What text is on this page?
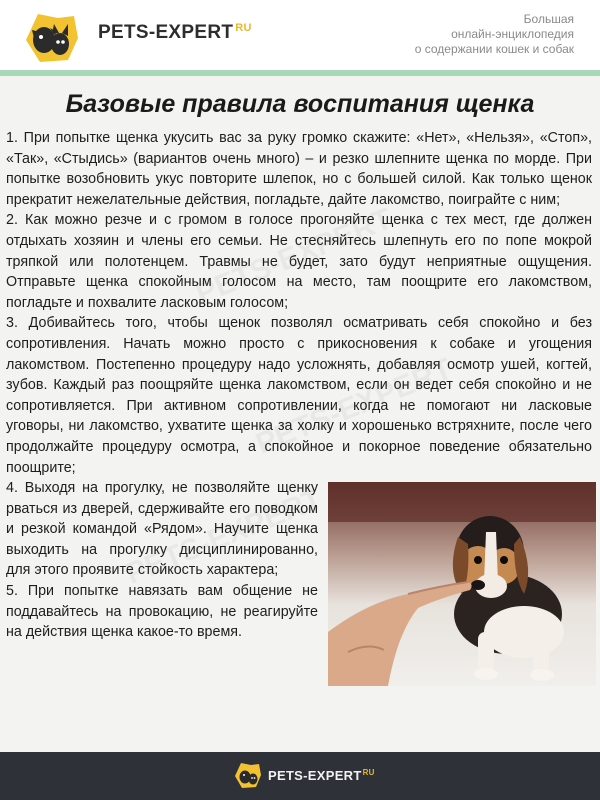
PETS-EXPERT $^{RU}$
Большая
онлайн-энциклопедия
о содержании кошек и собак
Базовые правила воспитания щенка

1. При попытке щенка укусить вас за руку громко скажите: «Нет», «Нельзя», «Стоп», «Так», «Стыдись» (вариантов очень много) – и резко шлепните щенка по морде. При попытке возобновить укус повторите шлепок, но с большей силой. Как только щенок прекратит нежелательные действия, погладьте, дайте лакомство, поиграйте с ним;

2. Как можно резче и с громом в голосе прогоняйте щенка с тех мест, где должен отдыхать хозяин и члены его семьи. Не стесняйтесь шлепнуть его по попе мокрой тряпкой или полотенцем. Травмы не будет, зато будут неприятные ощущения. Отправьте щенка спокойным голосом на место, там поощрите его лакомством, погладьте и похвалите ласковым голосом;

3. Добивайтесь того, чтобы щенок позволял осматривать себя спокойно и без сопротивления. Начать можно просто с прикосновения к собаке и угощения лакомством. Постепенно процедуру надо усложнять, добавляя осмотр ушей, когтей, зубов. Каждый раз поощряйте щенка лакомством, если он ведет себя спокойно и не сопротивляется. При активном сопротивлении, когда не помогают ни ласковые уговоры, ни лакомство, ухватите щенка за холку и хорошенько встряхните, после чего продолжайте процедуру осмотра, а спокойное и покорное поведение обязательно поощрите;

4. Выходя на прогулку, не позволяйте щенку рваться из дверей, сдерживайте его поводком и резкой командой «Рядом». Научите щенка выходить на прогулку дисциплинированно, для этого проявите стойкость характера;

5. При попытке навязать вам общение не поддавайтесь на провокацию, не реагируйте на действия щенка какое-то время.

PETS-EXPERT$^{RU}$
